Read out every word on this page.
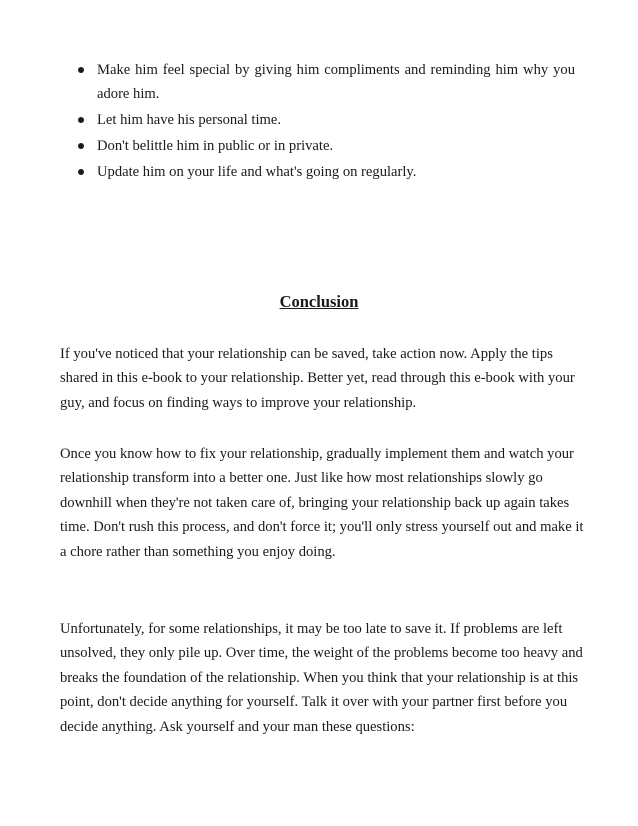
Make him feel special by giving him compliments and reminding him why you adore him.
Let him have his personal time.
Don't belittle him in public or in private.
Update him on your life and what's going on regularly.
Conclusion

If you've noticed that your relationship can be saved, take action now. Apply the tips shared in this e-book to your relationship. Better yet, read through this e-book with your guy, and focus on finding ways to improve your relationship.

Once you know how to fix your relationship, gradually implement them and watch your relationship transform into a better one. Just like how most relationships slowly go downhill when they're not taken care of, bringing your relationship back up again takes time. Don't rush this process, and don't force it; you'll only stress yourself out and make it a chore rather than something you enjoy doing.

Unfortunately, for some relationships, it may be too late to save it. If problems are left unsolved, they only pile up. Over time, the weight of the problems become too heavy and breaks the foundation of the relationship. When you think that your relationship is at this point, don't decide anything for yourself. Talk it over with your partner first before you decide anything. Ask yourself and your man these questions:
